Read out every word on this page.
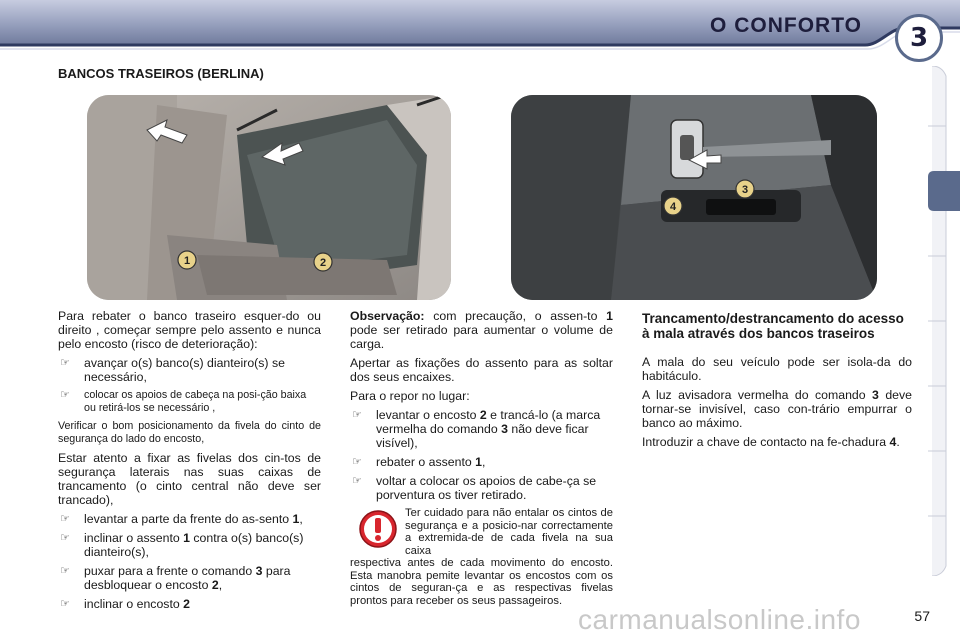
O CONFORTO	3
BANCOS TRASEIROS (BERLINA)
1	2
3
4
Para rebater o banco traseiro esquer-do ou direito , começar sempre pelo assento e nunca pelo encosto (risco de deterioração):
☞	avançar o(s) banco(s) dianteiro(s) se necessário,
☞	colocar os apoios de cabeça na posi-ção baixa ou retirá-los se necessário ,
Verificar o bom posicionamento da fivela do cinto de segurança do lado do encosto,
Estar atento a fixar as fivelas dos cin-tos de segurança laterais nas suas caixas de trancamento (o cinto central não deve ser trancado),
☞	levantar a parte da frente do as-sento 1,
☞	inclinar o assento 1 contra o(s) banco(s) dianteiro(s),
☞	puxar para a frente o comando 3 para desbloquear o encosto 2,
☞	inclinar o encosto 2
Observação: com precaução, o assen-to 1 pode ser retirado para aumentar o volume de carga.
Apertar as fixações do assento para as soltar dos seus encaixes.
Para o repor no lugar:
☞	levantar o encosto 2 e trancá-lo (a marca vermelha do comando 3 não deve ficar visível),
☞	rebater o assento 1,
☞	voltar a colocar os apoios de cabe-ça se porventura os tiver retirado.
Ter cuidado para não entalar os cintos de segurança e a posicio-nar correctamente a extremida-de de cada fivela na sua caixa
respectiva antes de cada movimento do encosto. Esta manobra pemite levantar os encostos com os cintos de seguran-ça e as respectivas fivelas prontos para receber os seus passageiros.
Trancamento/destrancamento do acesso à mala através dos bancos traseiros
A mala do seu veículo pode ser isola-da do habitáculo.
A luz avisadora vermelha do comando 3 deve tornar-se invisível, caso con-trário empurrar o banco ao máximo.
Introduzir a chave de contacto na fe-chadura 4.
carmanualsonline.info	57
